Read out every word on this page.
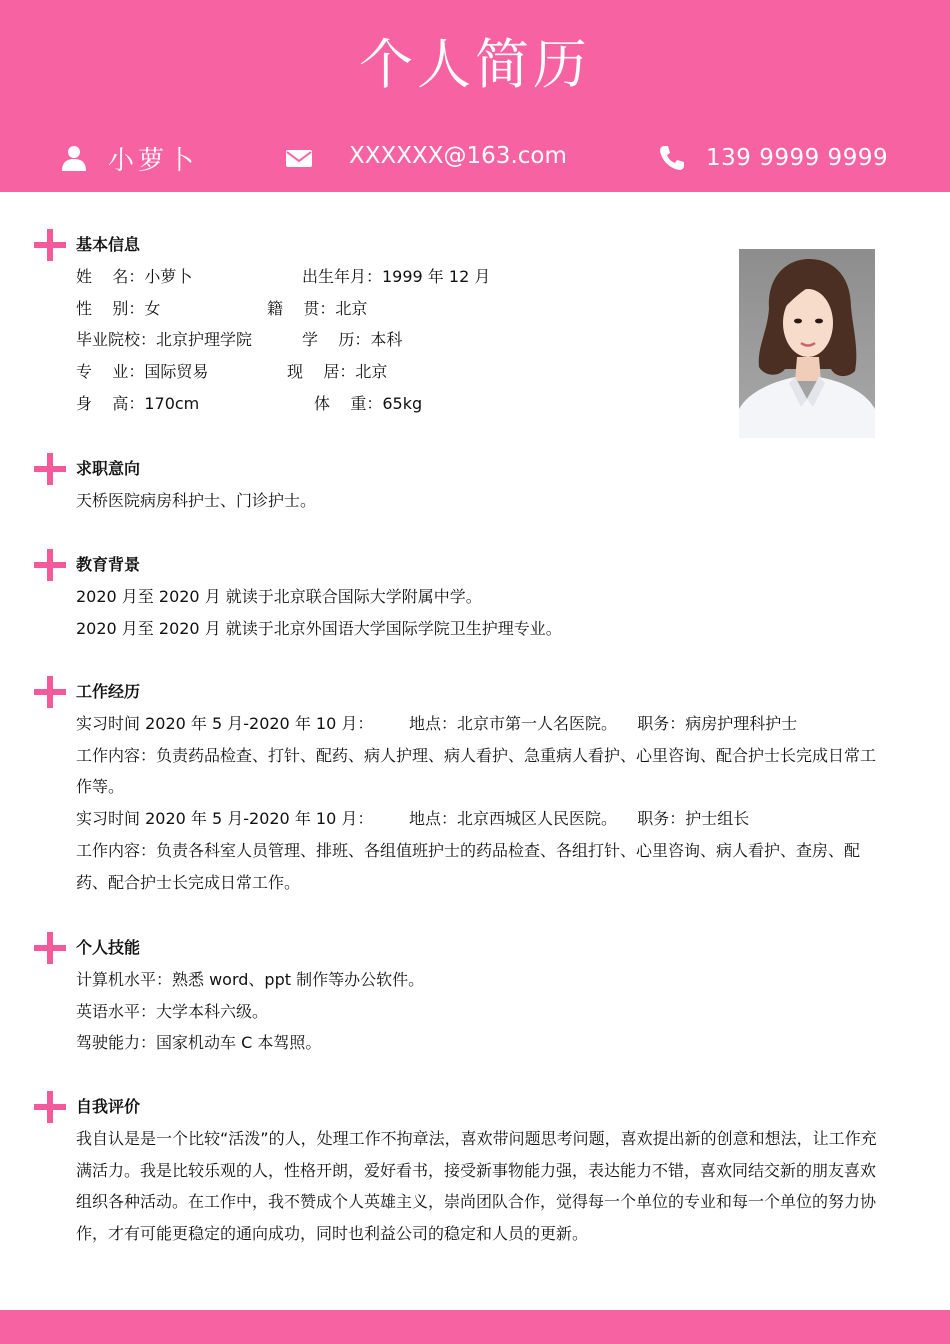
个人简历
小萝卜	XXXXXX@163.com	139 9999 9999
基本信息
姓    名：小萝卜	出生年月：1999 年 12 月
性    别：女	籍    贯：北京
毕业院校：北京护理学院	学    历：本科
专    业：国际贸易	现    居：北京
身    高：170cm	体    重：65kg
求职意向
天桥医院病房科护士、门诊护士。
教育背景
2020 月至 2020 月 就读于北京联合国际大学附属中学。
2020 月至 2020 月 就读于北京外国语大学国际学院卫生护理专业。
工作经历
实习时间 2020 年 5 月-2020 年 10 月：       地点：北京市第一人名医院。    职务：病房护理科护士
工作内容：负责药品检查、打针、配药、病人护理、病人看护、急重病人看护、心里咨询、配合护士长完成日常工作等。
实习时间 2020 年 5 月-2020 年 10 月：       地点：北京西城区人民医院。    职务：护士组长
工作内容：负责各科室人员管理、排班、各组值班护士的药品检查、各组打针、心里咨询、病人看护、查房、配药、配合护士长完成日常工作。
个人技能
计算机水平：熟悉 word、ppt 制作等办公软件。
英语水平：大学本科六级。
驾驶能力：国家机动车 C 本驾照。
自我评价
我自认是是一个比较“活泼”的人，处理工作不拘章法，喜欢带问题思考问题，喜欢提出新的创意和想法，让工作充满活力。我是比较乐观的人，性格开朗，爱好看书，接受新事物能力强，表达能力不错，喜欢同结交新的朋友喜欢组织各种活动。在工作中，我不赞成个人英雄主义，崇尚团队合作，觉得每一个单位的专业和每一个单位的努力协作，才有可能更稳定的通向成功，同时也利益公司的稳定和人员的更新。
